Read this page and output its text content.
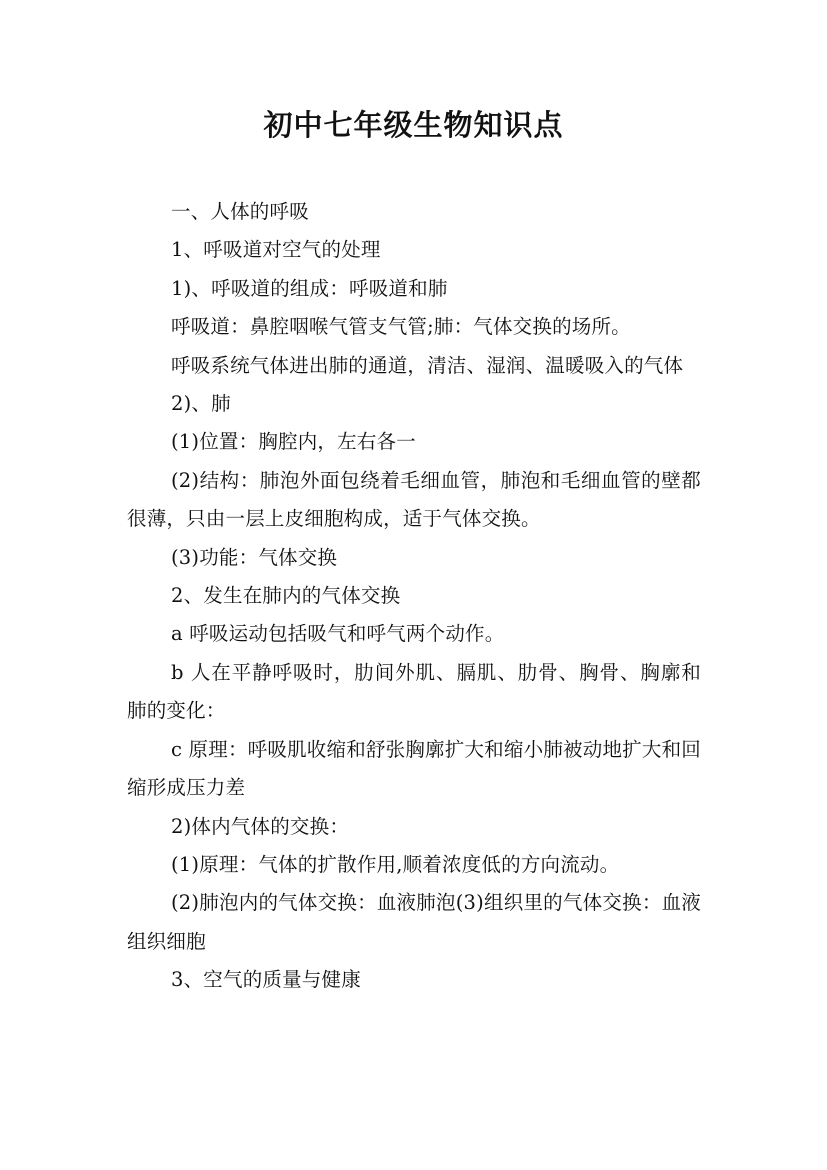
初中七年级生物知识点

一、人体的呼吸

1、呼吸道对空气的处理

1)、呼吸道的组成：呼吸道和肺

呼吸道：鼻腔咽喉气管支气管;肺：气体交换的场所。

呼吸系统气体进出肺的通道，清洁、湿润、温暖吸入的气体

2)、肺

(1)位置：胸腔内，左右各一

(2)结构：肺泡外面包绕着毛细血管，肺泡和毛细血管的壁都很薄，只由一层上皮细胞构成，适于气体交换。

(3)功能：气体交换

2、发生在肺内的气体交换

a 呼吸运动包括吸气和呼气两个动作。

b 人在平静呼吸时，肋间外肌、膈肌、肋骨、胸骨、胸廓和肺的变化：

c 原理：呼吸肌收缩和舒张胸廓扩大和缩小肺被动地扩大和回缩形成压力差

2)体内气体的交换：

(1)原理：气体的扩散作用,顺着浓度低的方向流动。

(2)肺泡内的气体交换：血液肺泡(3)组织里的气体交换：血液组织细胞

3、空气的质量与健康
